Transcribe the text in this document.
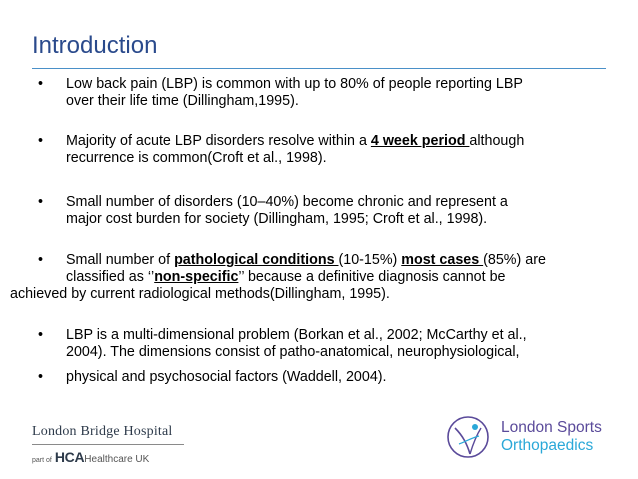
Introduction
•	Low back pain (LBP) is common with up to 80% of people reporting LBP
over their life time (Dillingham,1995).
•	Majority of acute LBP disorders resolve within a 4 week period although
recurrence is common(Croft et al., 1998).
•	Small number of disorders (10–40%) become chronic and represent a
major cost burden for society (Dillingham, 1995; Croft et al., 1998).
•	Small number of pathological conditions (10-15%) most cases (85%) are
classified as ‘’non-specific’’ because a definitive diagnosis cannot be
achieved by current radiological methods(Dillingham, 1995).
•	LBP is a multi-dimensional problem (Borkan et al., 2002; McCarthy et al.,
2004). The dimensions consist of patho-anatomical, neurophysiological,
•	physical and psychosocial factors (Waddell, 2004).
London Bridge Hospital
part of HCAHealthcare UK
London Sports
Orthopaedics
